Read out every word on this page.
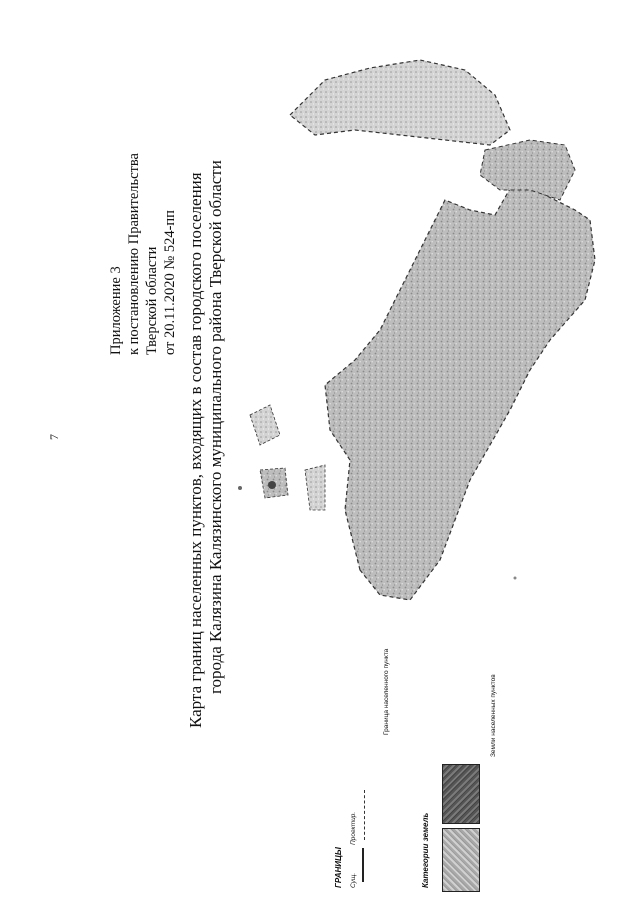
7
Приложение 3 к постановлению Правительства Тверской области от 20.11.2020 № 524-пп Карта границ населенных пунктов, входящих в состав городского поселения города Калязина Калязинского муниципального района Тверской области
ГРАНИЦЫ Сущ.
Проектир.
Граница населенного пункта
Категории земель
Земли населенных пунктов
